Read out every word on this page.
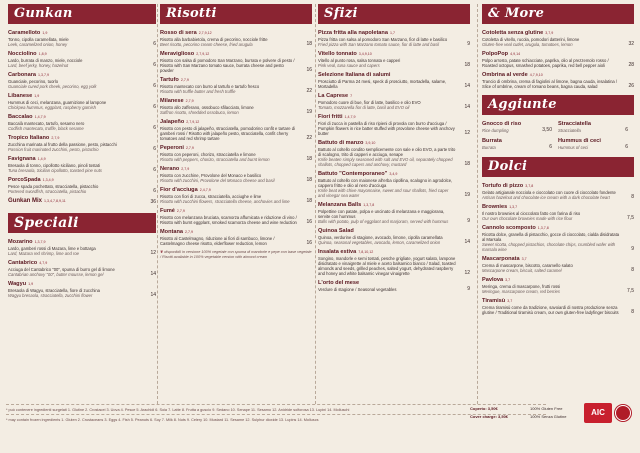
Gunkan
Caramelloto 1,9
Tonno, cipolla caramellata, miele
Leek, caramelized onion, honey	6
Nocciolino 1,8,9
Lardo, burrata di manzo, miele, nocciole
Lard, beef jerky, honey, hazelnut	6
Carbonara 1,3,7,9
Guanciale, pecorino, tuorlo
Guanciale cured pork cheek, pecorino, egg yolk	6
Libanese 1,9
Hummus di ceci, melanzana, guarnizione al lampone
Chickpea hummus, eggplant, raspberry garnish	6
Baccalao 1,4,7,9
Baccalà mantecato, tartufo, sesamo nero
Codfish mantecato, truffle, black sesame	6
Tropico Italiano 2,7,9
Zucchina marinata al frutto della passione, pesto, pistacchi
Passion fruit marinated zucchini, pesto, pistachio	6
Favignana 1,4,9
Bresaola di tonno, cipollotto siciliano, pinoli tostati
Tuna bresaola, Sicilian cipollotto, toasted pine nuts	6
PorcoSpada 1,3,4,9
Pesce spada pochettato, stracciatella, pistacchio
Portered swordfish, stracciatella, pistachio	6
Gunkan Mix 1,3,4,7,8,9,11	36
Speciali
Mozarino 1,3,7,9
Lardo, gamberi rossi di Mazara, lime e bottarga
Lard, Mazara red shrimp, lime and roe	12
Cantabrico 4,7,9
Acciuga del Cantabrico "00", spuma di burro gel di limone
Cantabrian anchovy "00", butter mousse, lemon gel	14
Wagyu 1,9
Bresaola di Wagyu, stracciatella, fiore di zucchina
Wagyu bresaola, stracciatella, zucchini flower	14
Risotti
Rosso di sera 2,7,9,12
Risotto alla barbabietola, crema di pecorino, nocciole fritte
Beet risotto, pecorino cream cheese, fried arugula	18
Meraviglioso 2,7,9,12
Risotto con salsa di pomodoro San Marzano, burrata e polvere di pesto / Risotto with San Marzano tomato sauce, burrata cheese and pesto powder	16
Tartufo 2,7,9
Risotto mantecato con burro al tartufo e tartufo fresco
Risotto with truffle butter and fresh truffle	22
Milanese 2,7,9
Risotto allo zafferano, ossobuco sfilacciato, limone
Saffron risotto, shredded ossobuco, lemon	19
Jalapeño 2,7,9,12
Risotto con pesto di jalapeño, stracciatella, pomodorino confit e tartare di gamberi rossi / Risotto with jalapeño pesto, stracciatella, confit cherry tomatoes and red shrimp tartare	22
Peperoni 2,7,9
Risotto con peperoni, chorizo, stracciatella e limone
Risotto with peppers, chorizo, stracciatella and burnt lemon	18
Nerano 2,7,9
Risotto con zucchine, Provolone del Monaco e basilico
Risotto with zucchini, Provolone del Monaco cheese and basil	18
Fior d'acciuga 2,4,7,9
Risotto con fiori di zucca, stracciatella, acciughe e lime
Risotto with zucchini flowers, stracciatella cheese, anchovies and lime	18
Fumé 2,7,9
Risotto con melanzana bruciata, scamorza affumicata e riduzione di vino / Risotto with burnt eggplant, smoked scamorza cheese and wine reduction 16
Montana 2,7,9
Risotto al Castelmagno, riduzione ai fiori di sambuco, limone / Castelmagno cheese risotto, elderflower reduction, lemon	16
❦ disponibili in versione 100% vegetale con spuma di mandorle e pepe con base vegetale / Risotti available in 100% vegetable version with almond cream
Sfizi
Pizza fritta alla napoletana 1,7
Pizza fritta con salsa al pomodoro San Marzano, fior di latte e basilico
Fried pizza with San Marzano tomato sauce, fior di latte and basil	9
Vitello tonnato 3,4,9,10
Vitello al punto rosa, salsa tonnata e capperi
Pink veal, tuna sauce and capers	18
Selezione Italiana di salumi
Prosciutto di Parma 24 mesi, speck di prosciutto, mortadella, salame, Mortadella	14
La Caprese 7
Pomodoro cuore di bue, fior di latte, basilico e olio EVO
Tomato, mozzarella fior di latte, basil and EVO oil	14
Fiori fritti 1,4,7,9
Fiori di zucca in pastella di riso ripieni di provola con burro d'acciuga / Pumpkin flowers in rice batter stuffed with provolone cheese with anchovy butter	12
Battuto di manzo 3,9,10
Battuto al coltello condito semplicemente con sale e olio EVO, a parte trito di scalogno, trito di capperi e acciuga, senape
Knife beaten simply seasoned with salt and EVO oil, separately chopped shallots, chopped capers and anchovy, mustard	18
Battuto "Contemporaneo" 3,4,9
Battuto al coltello con maionese all'erba cipollina, scalogno in agrodolce, cappero fritto e olio al nero d'acciuga
Knife beat with chive mayonnaise, sweet and sour shallots, fried caper and vinegar sea water	19
Melanzana Balls 1,3,7,8
Polpettine con patate, polpa e uncinato di melanzana e maggiorana, servite con hummus
Balls with potato, pulp of eggplant and marjoram, served with hummus	9
Quinoa Salad
Quinoa, verdurine di stagione, avocado, limone, cipolla caramellata
Quinoa, seasonal vegetables, avocado, lemon, caramelized onion	14
Insalata estiva 7,8,10,12
Songino, mandorle e semi tostati, pesche grigliate, yogurt salato, lampone disidratato e vinaigrette al miele e aceto balsamico bianco / Salad, toasted almonds and seeds, grilled peaches, salted yogurt, dehydrated raspberry and honey and white balsamic vinegar vinaigrette	12
L'orto del mese
Verdure di stagione / Seasonal vegetables	9
& More
Cotoletta senza glutine 3,7,9
Cotoletta di vitello, rucola, pomodori datterini, limone
Gluten-free veal cutlet, arugula, tomatoes, lemon	32
PolpoPop 4,9,14
Polpo arrosto, patate schiacciate, paprika, olio al prezzemolo rosso / Roasted octopus, smashed potatoes, paprika, red bell pepper aioli	28
Ombrina al verde 4,7,9,10
Trancio di ombrina, crema di fagiolini al limone, bagna cauda, insalatina / Slice of ombrine, cream of romano beans, bagna cauda, salad	26
Aggiunte
Gnocco di riso
Rice dumpling	3,50
Stracciatella
Stracciatella	6
Burrata
Burrata	6
Hummus di ceci
Hummus of ceci	6
Dolci
Tortufo di pizzo 3,7,8
Gelato artigianale nocciola e cioccolato con cuore di cioccolato fondente
Artisan hazelnut and chocolate ice cream with a dark chocolate heart	8
Brownies 1,3,7
Il nostro brownies al cioccolato fatto con farina di riso
Our own chocolate brownies made with rice flour	7,5
Cannolo scomposto 1,3,7,8
Ricotta dolce, granella di pistacchio, gocce di cioccolato, cialda disidratata al Marsala
Sweet ricotta, chopped pistachios, chocolate chips, crumbled wafer with marsala wine	9
Mascarponata 3,7
Crema di mascarpone, biscotto, caramello salato
Mascarpone cream, biscuit, salted caramel	8
Pavlova 3,7
Meringa, crema di mascarpone, frutti rossi
Meringue, mascarpone cream, red berries	7,5
Tiramisù 3,7
Crema tiramisù come da tradizione, savoiardi di nostra produzione senza glutine / Traditional tiramisù cream, our own gluten-free ladyfinger biscuits	8
* può contenere ingredienti surgelati 1. Glutine 2. Crostacei 3. Uova 4. Pesce 5. Arachidi 6. Soia 7. Latte 8. Frutta a guscio 9. Sedano 10. Senape 11. Sesamo 12. Anidride solforosa 13. Lupini 14. Molluschi
* may contain frozen ingredients 1. Gluten 2. Crustaceans 3. Eggs 4. Fish 5. Peanuts 6. Soy 7. Milk 8. Nuts 9. Celery 10. Mustard 11. Sesame 12. Sulphur dioxide 13. Lupins 14. Molluscs
Coperto: 3,50€	100% Gluten Free
Cover charge: 3,50€	100% Senza Glutine	AIC
